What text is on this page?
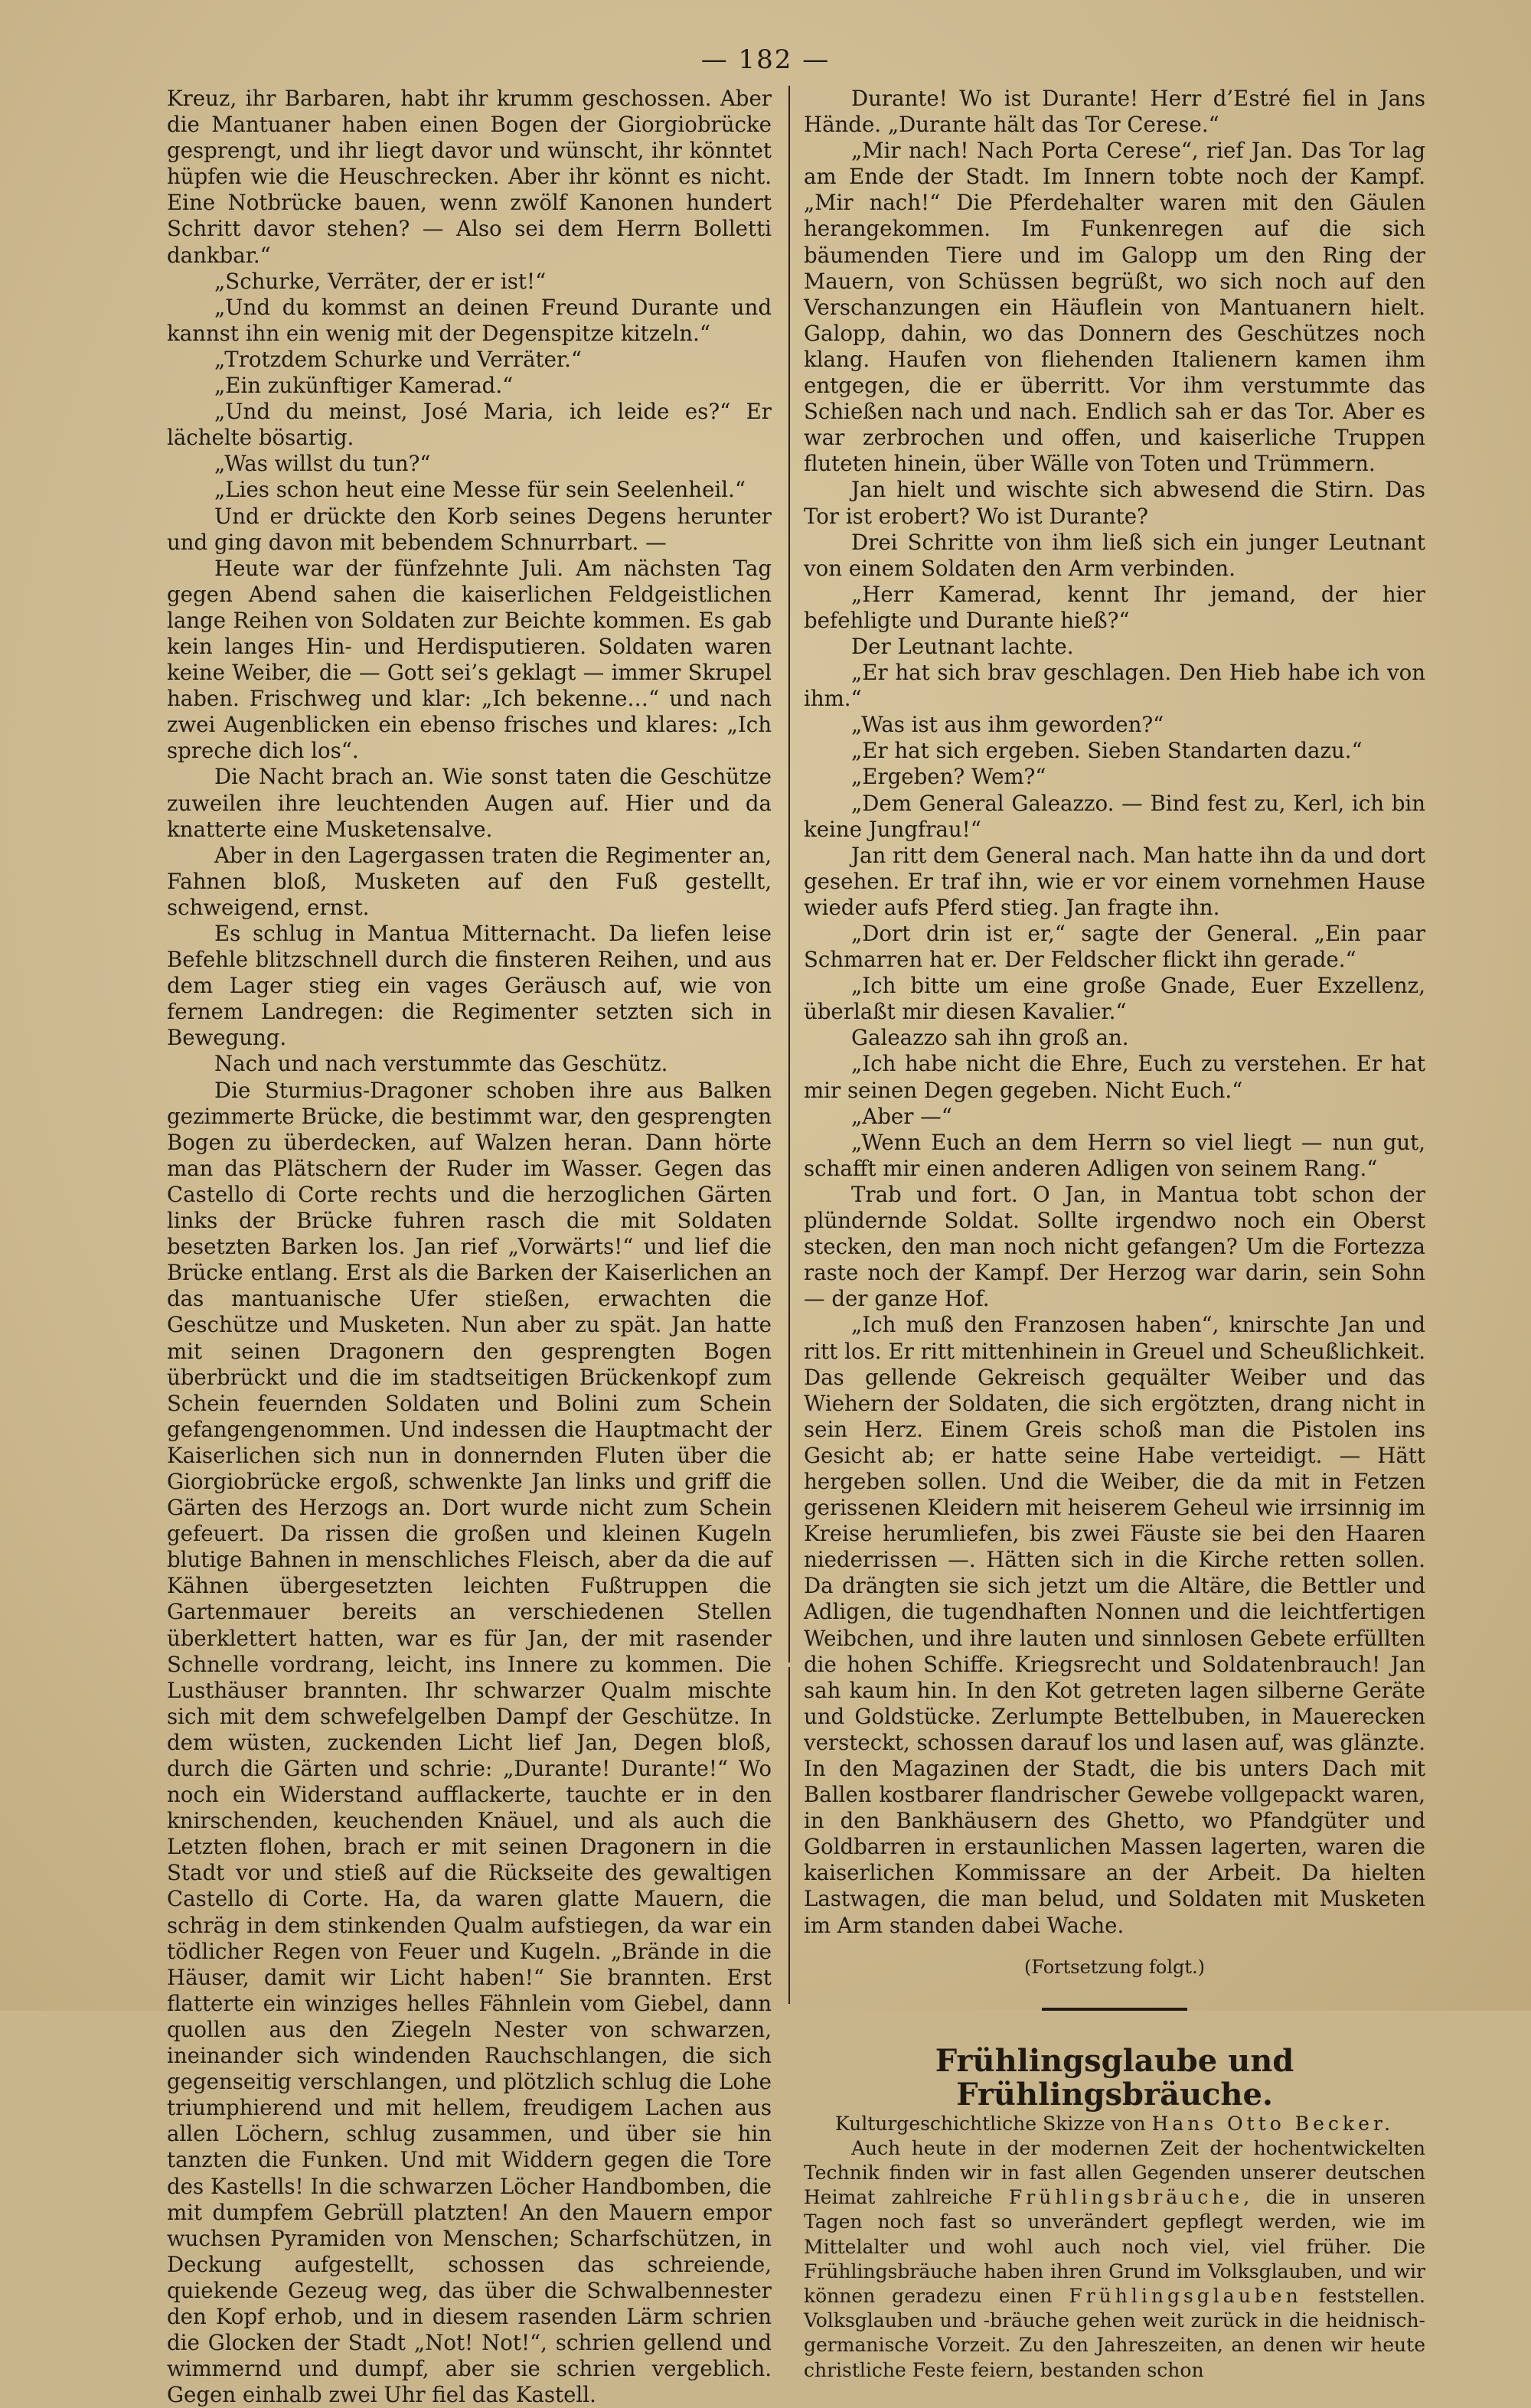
— 182 —

Kreuz, ihr Barbaren, habt ihr krumm geschossen. Aber die Mantuaner haben einen Bogen der Giorgiobrücke gesprengt, und ihr liegt davor und wünscht, ihr könntet hüpfen wie die Heuschrecken. Aber ihr könnt es nicht. Eine Notbrücke bauen, wenn zwölf Kanonen hundert Schritt davor stehen? — Also sei dem Herrn Bolletti dankbar.“

„Schurke, Verräter, der er ist!“

„Und du kommst an deinen Freund Durante und kannst ihn ein wenig mit der Degenspitze kitzeln.“

„Trotzdem Schurke und Verräter.“

„Ein zukünftiger Kamerad.“

„Und du meinst, José Maria, ich leide es?“ Er lächelte bösartig.

„Was willst du tun?“

„Lies schon heut eine Messe für sein Seelenheil.“

Und er drückte den Korb seines Degens herunter und ging davon mit bebendem Schnurrbart. —

Heute war der fünfzehnte Juli. Am nächsten Tag gegen Abend sahen die kaiserlichen Feldgeistlichen lange Reihen von Soldaten zur Beichte kommen. Es gab kein langes Hin- und Herdisputieren. Soldaten waren keine Weiber, die — Gott sei’s geklagt — immer Skrupel haben. Frischweg und klar: „Ich bekenne…“ und nach zwei Augenblicken ein ebenso frisches und klares: „Ich spreche dich los“.

Die Nacht brach an. Wie sonst taten die Geschütze zuweilen ihre leuchtenden Augen auf. Hier und da knatterte eine Musketensalve.

Aber in den Lagergassen traten die Regimenter an, Fahnen bloß, Musketen auf den Fuß gestellt, schweigend, ernst.

Es schlug in Mantua Mitternacht. Da liefen leise Befehle blitzschnell durch die finsteren Reihen, und aus dem Lager stieg ein vages Geräusch auf, wie von fernem Landregen: die Regimenter setzten sich in Bewegung.

Nach und nach verstummte das Geschütz.

Die Sturmius-Dragoner schoben ihre aus Balken gezimmerte Brücke, die bestimmt war, den gesprengten Bogen zu überdecken, auf Walzen heran. Dann hörte man das Plätschern der Ruder im Wasser. Gegen das Castello di Corte rechts und die herzoglichen Gärten links der Brücke fuhren rasch die mit Soldaten besetzten Barken los. Jan rief „Vorwärts!“ und lief die Brücke entlang. Erst als die Barken der Kaiserlichen an das mantuanische Ufer stießen, erwachten die Geschütze und Musketen. Nun aber zu spät. Jan hatte mit seinen Dragonern den gesprengten Bogen überbrückt und die im stadtseitigen Brückenkopf zum Schein feuernden Soldaten und Bolini zum Schein gefangengenommen. Und indessen die Hauptmacht der Kaiserlichen sich nun in donnernden Fluten über die Giorgiobrücke ergoß, schwenkte Jan links und griff die Gärten des Herzogs an. Dort wurde nicht zum Schein gefeuert. Da rissen die großen und kleinen Kugeln blutige Bahnen in menschliches Fleisch, aber da die auf Kähnen übergesetzten leichten Fußtruppen die Gartenmauer bereits an verschiedenen Stellen überklettert hatten, war es für Jan, der mit rasender Schnelle vordrang, leicht, ins Innere zu kommen. Die Lusthäuser brannten. Ihr schwarzer Qualm mischte sich mit dem schwefelgelben Dampf der Geschütze. In dem wüsten, zuckenden Licht lief Jan, Degen bloß, durch die Gärten und schrie: „Durante! Durante!“ Wo noch ein Widerstand aufflackerte, tauchte er in den knirschenden, keuchenden Knäuel, und als auch die Letzten flohen, brach er mit seinen Dragonern in die Stadt vor und stieß auf die Rückseite des gewaltigen Castello di Corte. Ha, da waren glatte Mauern, die schräg in dem stinkenden Qualm aufstiegen, da war ein tödlicher Regen von Feuer und Kugeln. „Brände in die Häuser, damit wir Licht haben!“ Sie brannten. Erst flatterte ein winziges helles Fähnlein vom Giebel, dann quollen aus den Ziegeln Nester von schwarzen, ineinander sich windenden Rauchschlangen, die sich gegenseitig verschlangen, und plötzlich schlug die Lohe triumphierend und mit hellem, freudigem Lachen aus allen Löchern, schlug zusammen, und über sie hin tanzten die Funken. Und mit Widdern gegen die Tore des Kastells! In die schwarzen Löcher Handbomben, die mit dumpfem Gebrüll platzten! An den Mauern empor wuchsen Pyramiden von Menschen; Scharfschützen, in Deckung aufgestellt, schossen das schreiende, quiekende Gezeug weg, das über die Schwalbennester den Kopf erhob, und in diesem rasenden Lärm schrien die Glocken der Stadt „Not! Not!“, schrien gellend und wimmernd und dumpf, aber sie schrien vergeblich. Gegen einhalb zwei Uhr fiel das Kastell.

Durante! Wo ist Durante! Herr d’Estré fiel in Jans Hände. „Durante hält das Tor Cerese.“

„Mir nach! Nach Porta Cerese“, rief Jan. Das Tor lag am Ende der Stadt. Im Innern tobte noch der Kampf. „Mir nach!“ Die Pferdehalter waren mit den Gäulen herangekommen. Im Funkenregen auf die sich bäumenden Tiere und im Galopp um den Ring der Mauern, von Schüssen begrüßt, wo sich noch auf den Verschanzungen ein Häuflein von Mantuanern hielt. Galopp, dahin, wo das Donnern des Geschützes noch klang. Haufen von fliehenden Italienern kamen ihm entgegen, die er überritt. Vor ihm verstummte das Schießen nach und nach. Endlich sah er das Tor. Aber es war zerbrochen und offen, und kaiserliche Truppen fluteten hinein, über Wälle von Toten und Trümmern.

Jan hielt und wischte sich abwesend die Stirn. Das Tor ist erobert? Wo ist Durante?

Drei Schritte von ihm ließ sich ein junger Leutnant von einem Soldaten den Arm verbinden.

„Herr Kamerad, kennt Ihr jemand, der hier befehligte und Durante hieß?“

Der Leutnant lachte.

„Er hat sich brav geschlagen. Den Hieb habe ich von ihm.“

„Was ist aus ihm geworden?“

„Er hat sich ergeben. Sieben Standarten dazu.“

„Ergeben? Wem?“

„Dem General Galeazzo. — Bind fest zu, Kerl, ich bin keine Jungfrau!“

Jan ritt dem General nach. Man hatte ihn da und dort gesehen. Er traf ihn, wie er vor einem vornehmen Hause wieder aufs Pferd stieg. Jan fragte ihn.

„Dort drin ist er,“ sagte der General. „Ein paar Schmarren hat er. Der Feldscher flickt ihn gerade.“

„Ich bitte um eine große Gnade, Euer Exzellenz, überlaßt mir diesen Kavalier.“

Galeazzo sah ihn groß an.

„Ich habe nicht die Ehre, Euch zu verstehen. Er hat mir seinen Degen gegeben. Nicht Euch.“

„Aber —“

„Wenn Euch an dem Herrn so viel liegt — nun gut, schafft mir einen anderen Adligen von seinem Rang.“

Trab und fort. O Jan, in Mantua tobt schon der plündernde Soldat. Sollte irgendwo noch ein Oberst stecken, den man noch nicht gefangen? Um die Fortezza raste noch der Kampf. Der Herzog war darin, sein Sohn — der ganze Hof.

„Ich muß den Franzosen haben“, knirschte Jan und ritt los. Er ritt mittenhinein in Greuel und Scheußlichkeit. Das gellende Gekreisch gequälter Weiber und das Wiehern der Soldaten, die sich ergötzten, drang nicht in sein Herz. Einem Greis schoß man die Pistolen ins Gesicht ab; er hatte seine Habe verteidigt. — Hätt hergeben sollen. Und die Weiber, die da mit in Fetzen gerissenen Kleidern mit heiserem Geheul wie irrsinnig im Kreise herumliefen, bis zwei Fäuste sie bei den Haaren niederrissen —. Hätten sich in die Kirche retten sollen. Da drängten sie sich jetzt um die Altäre, die Bettler und Adligen, die tugendhaften Nonnen und die leichtfertigen Weibchen, und ihre lauten und sinnlosen Gebete erfüllten die hohen Schiffe. Kriegsrecht und Soldatenbrauch! Jan sah kaum hin. In den Kot getreten lagen silberne Geräte und Goldstücke. Zerlumpte Bettelbuben, in Mauerecken versteckt, schossen darauf los und lasen auf, was glänzte. In den Magazinen der Stadt, die bis unters Dach mit Ballen kostbarer flandrischer Gewebe vollgepackt waren, in den Bankhäusern des Ghetto, wo Pfandgüter und Goldbarren in erstaunlichen Massen lagerten, waren die kaiserlichen Kommissare an der Arbeit. Da hielten Lastwagen, die man belud, und Soldaten mit Musketen im Arm standen dabei Wache.

(Fortsetzung folgt.)

Frühlingsglaube und Frühlingsbräuche.

Kulturgeschichtliche Skizze von Hans Otto Becker.

Auch heute in der modernen Zeit der hochentwickelten Technik finden wir in fast allen Gegenden unserer deutschen Heimat zahlreiche Frühlingsbräuche, die in unseren Tagen noch fast so unverändert gepflegt werden, wie im Mittelalter und wohl auch noch viel, viel früher. Die Frühlingsbräuche haben ihren Grund im Volksglauben, und wir können geradezu einen Frühlingsglauben feststellen. Volksglauben und -bräuche gehen weit zurück in die heidnisch-germanische Vorzeit. Zu den Jahreszeiten, an denen wir heute christliche Feste feiern, bestanden schon
